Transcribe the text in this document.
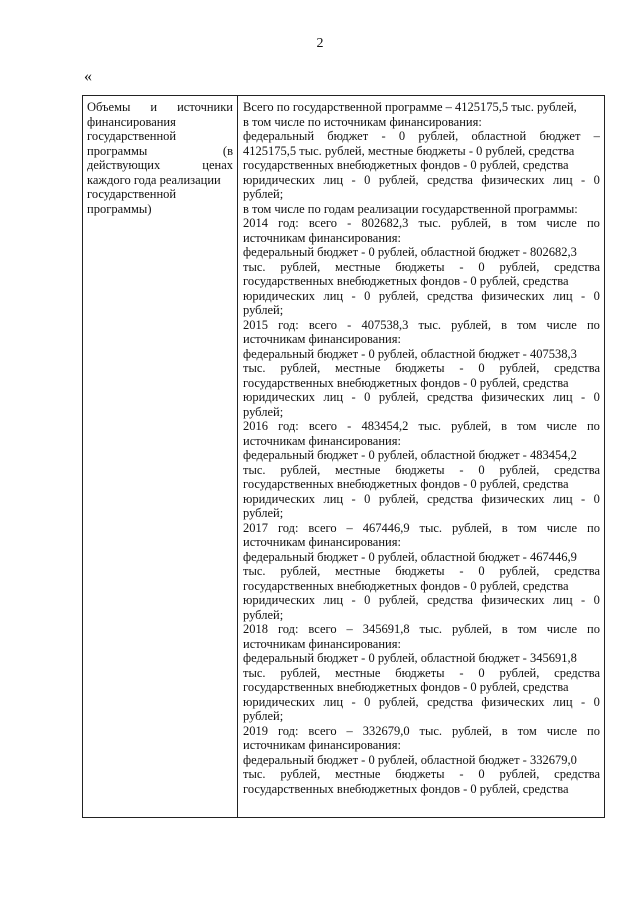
2
«
Объемы и источники
финансирования
государственной
программы	(в
действующих	ценах
каждого года реализации
государственной
программы)
Всего по государственной программе – 4125175,5 тыс. рублей,
в том числе по источникам финансирования:
федеральный бюджет - 0 рублей, областной бюджет –
4125175,5 тыс. рублей, местные бюджеты - 0 рублей, средства
государственных внебюджетных фондов - 0 рублей, средства
юридических лиц - 0 рублей, средства физических лиц - 0
рублей;
в том числе по годам реализации государственной программы:
2014 год: всего - 802682,3 тыс. рублей, в том числе по
источникам финансирования:
федеральный бюджет - 0 рублей, областной бюджет - 802682,3
тыс. рублей, местные бюджеты - 0 рублей, средства
государственных внебюджетных фондов - 0 рублей, средства
юридических лиц - 0 рублей, средства физических лиц - 0
рублей;
2015 год: всего - 407538,3 тыс. рублей, в том числе по
источникам финансирования:
федеральный бюджет - 0 рублей, областной бюджет - 407538,3
тыс. рублей, местные бюджеты - 0 рублей, средства
государственных внебюджетных фондов - 0 рублей, средства
юридических лиц - 0 рублей, средства физических лиц - 0
рублей;
2016 год: всего - 483454,2 тыс. рублей, в том числе по
источникам финансирования:
федеральный бюджет - 0 рублей, областной бюджет - 483454,2
тыс. рублей, местные бюджеты - 0 рублей, средства
государственных внебюджетных фондов - 0 рублей, средства
юридических лиц - 0 рублей, средства физических лиц - 0
рублей;
2017 год: всего – 467446,9 тыс. рублей, в том числе по
источникам финансирования:
федеральный бюджет - 0 рублей, областной бюджет - 467446,9
тыс. рублей, местные бюджеты - 0 рублей, средства
государственных внебюджетных фондов - 0 рублей, средства
юридических лиц - 0 рублей, средства физических лиц - 0
рублей;
2018 год: всего – 345691,8 тыс. рублей, в том числе по
источникам финансирования:
федеральный бюджет - 0 рублей, областной бюджет - 345691,8
тыс. рублей, местные бюджеты - 0 рублей, средства
государственных внебюджетных фондов - 0 рублей, средства
юридических лиц - 0 рублей, средства физических лиц - 0
рублей;
2019 год: всего – 332679,0 тыс. рублей, в том числе по
источникам финансирования:
федеральный бюджет - 0 рублей, областной бюджет - 332679,0
тыс. рублей, местные бюджеты - 0 рублей, средства
государственных внебюджетных фондов - 0 рублей, средства
